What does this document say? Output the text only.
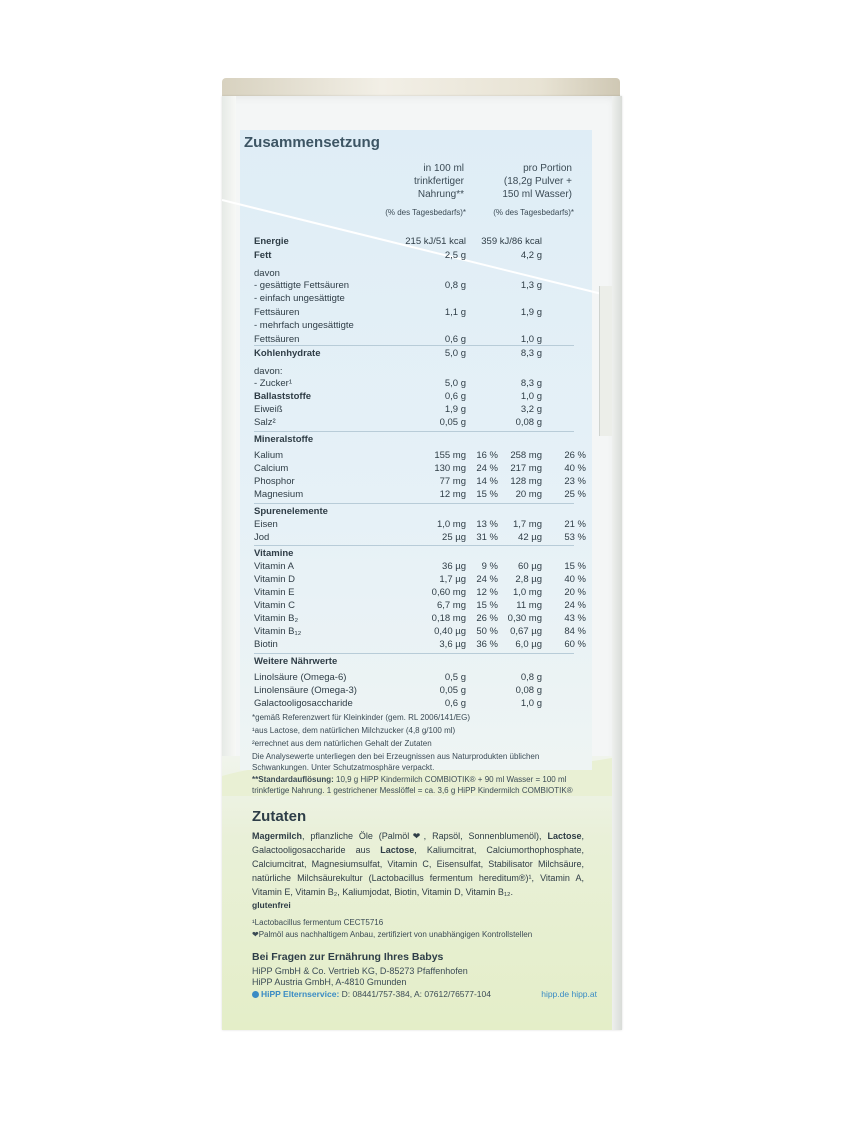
Zusammensetzung
in 100 ml
trinkfertiger
Nahrung**
pro Portion
(18,2g Pulver +
150 ml Wasser)
(% des Tagesbedarfs)*	(% des Tagesbedarfs)*
Energie	215 kJ/51 kcal 359 kJ/86 kcal
Fett	2,5 g	4,2 g
davon
- gesättigte Fettsäuren	0,8 g	1,3 g
- einfach ungesättigte
Fettsäuren	1,1 g	1,9 g
- mehrfach ungesättigte
Fettsäuren	0,6 g	1,0 g
Kohlenhydrate	5,0 g	8,3 g
davon:
- Zucker¹	5,0 g	8,3 g
Ballaststoffe	0,6 g	1,0 g
Eiweiß	1,9 g	3,2 g
Salz²	0,05 g	0,08 g
Mineralstoffe
Kalium	155 mg 16 % 258 mg 26 %
Calcium	130 mg 24 % 217 mg 40 %
Phosphor	77 mg 14 % 128 mg 23 %
Magnesium	12 mg 15 % 20 mg 25 %
Spurenelemente
Eisen	1,0 mg 13 % 1,7 mg 21 %
Jod	25 µg 31 % 42 µg 53 %
Vitamine
Vitamin A	36 µg 9 % 60 µg 15 %
Vitamin D	1,7 µg 24 % 2,8 µg 40 %
Vitamin E	0,60 mg 12 % 1,0 mg 20 %
Vitamin C	6,7 mg 15 % 11 mg 24 %
Vitamin B₂	0,18 mg 26 % 0,30 mg 43 %
Vitamin B₁₂	0,40 µg 50 % 0,67 µg 84 %
Biotin	3,6 µg 36 % 6,0 µg 60 %
Weitere Nährwerte
Linolsäure (Omega-6)	0,5 g	0,8 g
Linolensäure (Omega-3)	0,05 g	0,08 g
Galactooligosaccharide	0,6 g	1,0 g
*gemäß Referenzwert für Kleinkinder (gem. RL 2006/141/EG)
¹aus Lactose, dem natürlichen Milchzucker (4,8 g/100 ml)
²errechnet aus dem natürlichen Gehalt der Zutaten
Die Analysewerte unterliegen den bei Erzeugnissen aus Naturprodukten üblichen Schwankungen. Unter Schutzatmosphäre verpackt.
**Standardauflösung: 10,9 g HiPP Kindermilch COMBIOTIK® + 90 ml Wasser = 100 ml trinkfertige Nahrung. 1 gestrichener Messlöffel = ca. 3,6 g HiPP Kindermilch COMBIOTIK®
Zutaten
Magermilch, pflanzliche Öle (Palmöl❤, Rapsöl, Sonnenblumenöl), Lactose, Galactooligosaccharide aus Lactose, Kaliumcitrat, Calciumorthophosphate, Calciumcitrat, Magnesiumsulfat, Vitamin C, Eisensulfat, Stabilisator Milchsäure, natürliche Milchsäurekultur (Lactobacillus fermentum hereditum®)¹, Vitamin A, Vitamin E, Vitamin B₂, Kaliumjodat, Biotin, Vitamin D, Vitamin B₁₂.
glutenfrei
¹Lactobacillus fermentum CECT5716
❤Palmöl aus nachhaltigem Anbau, zertifiziert von unabhängigen Kontrollstellen
Bei Fragen zur Ernährung Ihres Babys
HiPP GmbH & Co. Vertrieb KG, D-85273 Pfaffenhofen
HiPP Austria GmbH, A-4810 Gmunden
HiPP Elternservice: D: 08441/757-384, A: 07612/76577-104	hipp.de hipp.at
